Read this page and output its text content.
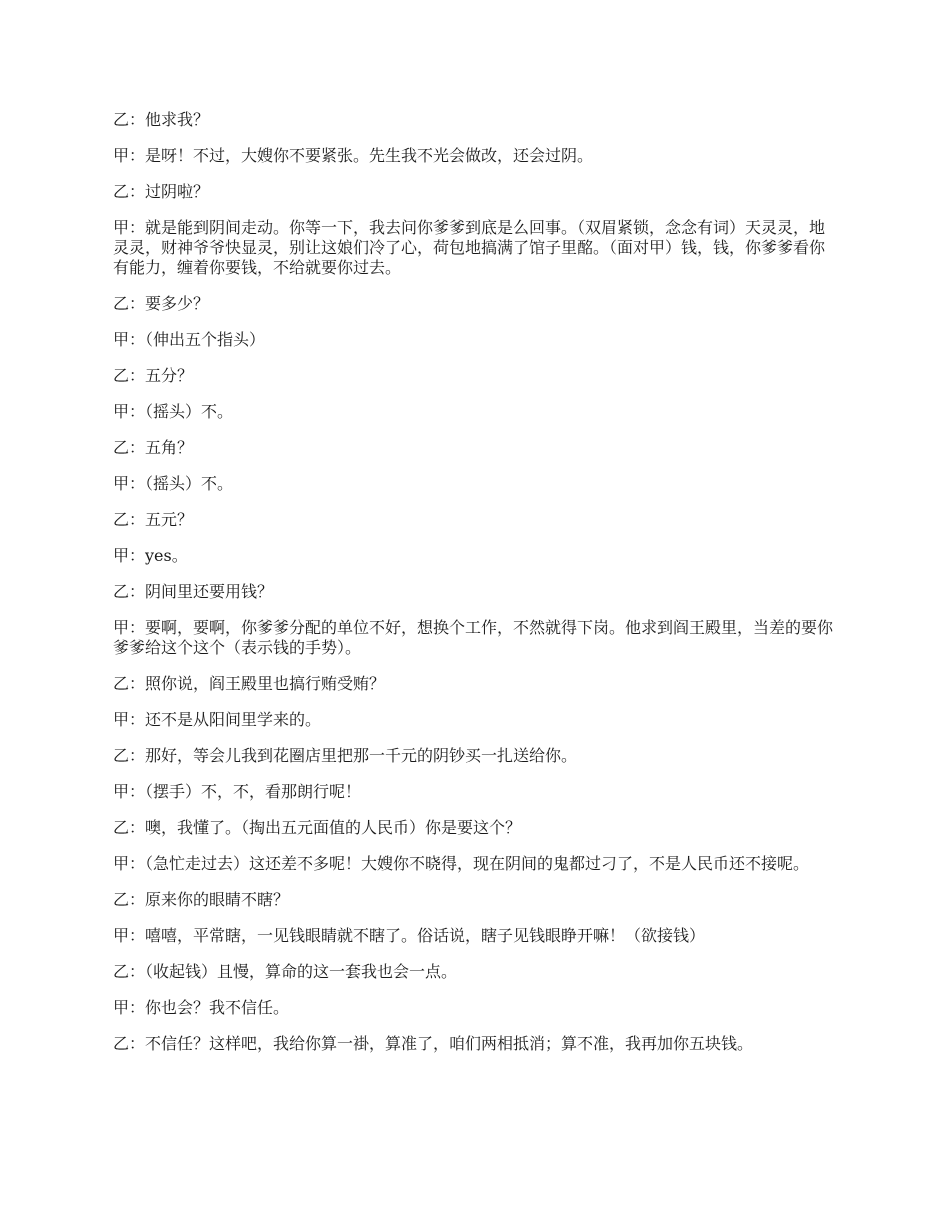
乙：他求我？

甲：是呀！不过，大嫂你不要紧张。先生我不光会做改，还会过阴。

乙：过阴啦？

甲：就是能到阴间走动。你等一下，我去问你爹爹到底是么回事。（双眉紧锁，念念有词）天灵灵，地灵灵，财神爷爷快显灵，别让这娘们冷了心，荷包地搞满了馆子里酩。（面对甲）钱，钱，你爹爹看你有能力，缠着你要钱，不给就要你过去。

乙：要多少？

甲：（伸出五个指头）

乙：五分？

甲：（摇头）不。

乙：五角？

甲：（摇头）不。

乙：五元？

甲：yes。

乙：阴间里还要用钱？

甲：要啊，要啊，你爹爹分配的单位不好，想换个工作，不然就得下岗。他求到阎王殿里，当差的要你爹爹给这个这个（表示钱的手势）。

乙：照你说，阎王殿里也搞行贿受贿？

甲：还不是从阳间里学来的。

乙：那好，等会儿我到花圈店里把那一千元的阴钞买一扎送给你。

甲：（摆手）不，不，看那朗行呢！

乙：噢，我懂了。（掏出五元面值的人民币）你是要这个？

甲：（急忙走过去）这还差不多呢！大嫂你不晓得，现在阴间的鬼都过刁了，不是人民币还不接呢。

乙：原来你的眼睛不瞎？

甲：嘻嘻，平常瞎，一见钱眼睛就不瞎了。俗话说，瞎子见钱眼睁开嘛！（欲接钱）

乙：（收起钱）且慢，算命的这一套我也会一点。

甲：你也会？我不信任。

乙：不信任？这样吧，我给你算一褂，算准了，咱们两相抵消；算不准，我再加你五块钱。
